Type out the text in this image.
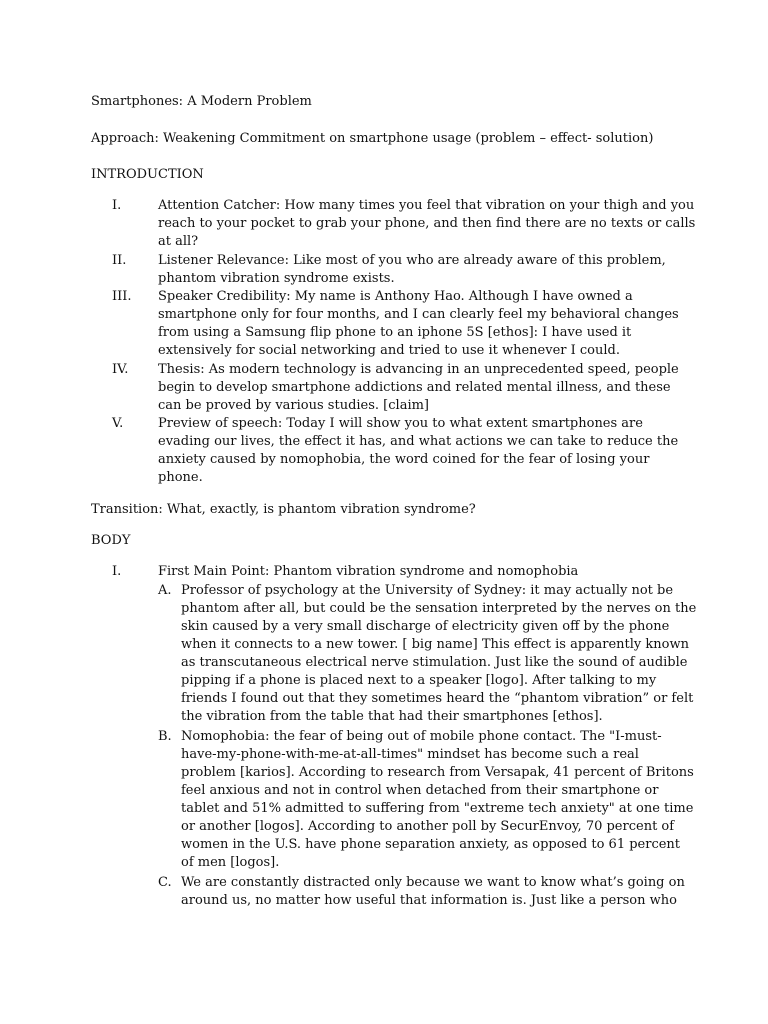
Smartphones: A Modern Problem

Approach: Weakening Commitment on smartphone usage (problem – effect- solution)

INTRODUCTION

I.	Attention Catcher: How many times you feel that vibration on your thigh and you
reach to your pocket to grab your phone, and then find there are no texts or calls
at all?
II. Listener Relevance: Like most of you who are already aware of this problem,
phantom vibration syndrome exists.
III. Speaker Credibility: My name is Anthony Hao. Although I have owned a
smartphone only for four months, and I can clearly feel my behavioral changes
from using a Samsung flip phone to an iphone 5S [ethos]: I have used it
extensively for social networking and tried to use it whenever I could.
IV. Thesis: As modern technology is advancing in an unprecedented speed, people
begin to develop smartphone addictions and related mental illness, and these
can be proved by various studies. [claim]
V.	Preview of speech: Today I will show you to what extent smartphones are
evading our lives, the effect it has, and what actions we can take to reduce the
anxiety caused by nomophobia, the word coined for the fear of losing your
phone.

Transition: What, exactly, is phantom vibration syndrome?

BODY

I.	First Main Point: Phantom vibration syndrome and nomophobia
A. Professor of psychology at the University of Sydney: it may actually not be
phantom after all, but could be the sensation interpreted by the nerves on the
skin caused by a very small discharge of electricity given off by the phone
when it connects to a new tower. [ big name] This effect is apparently known
as transcutaneous electrical nerve stimulation. Just like the sound of audible
pipping if a phone is placed next to a speaker [logo]. After talking to my
friends I found out that they sometimes heard the “phantom vibration” or felt
the vibration from the table that had their smartphones [ethos].
B. Nomophobia: the fear of being out of mobile phone contact. The "I-must-
have-my-phone-with-me-at-all-times" mindset has become such a real
problem [karios]. According to research from Versapak, 41 percent of Britons
feel anxious and not in control when detached from their smartphone or
tablet and 51% admitted to suffering from "extreme tech anxiety" at one time
or another [logos]. According to another poll by SecurEnvoy, 70 percent of
women in the U.S. have phone separation anxiety, as opposed to 61 percent
of men [logos].
C. We are constantly distracted only because we want to know what’s going on
around us, no matter how useful that information is. Just like a person who
